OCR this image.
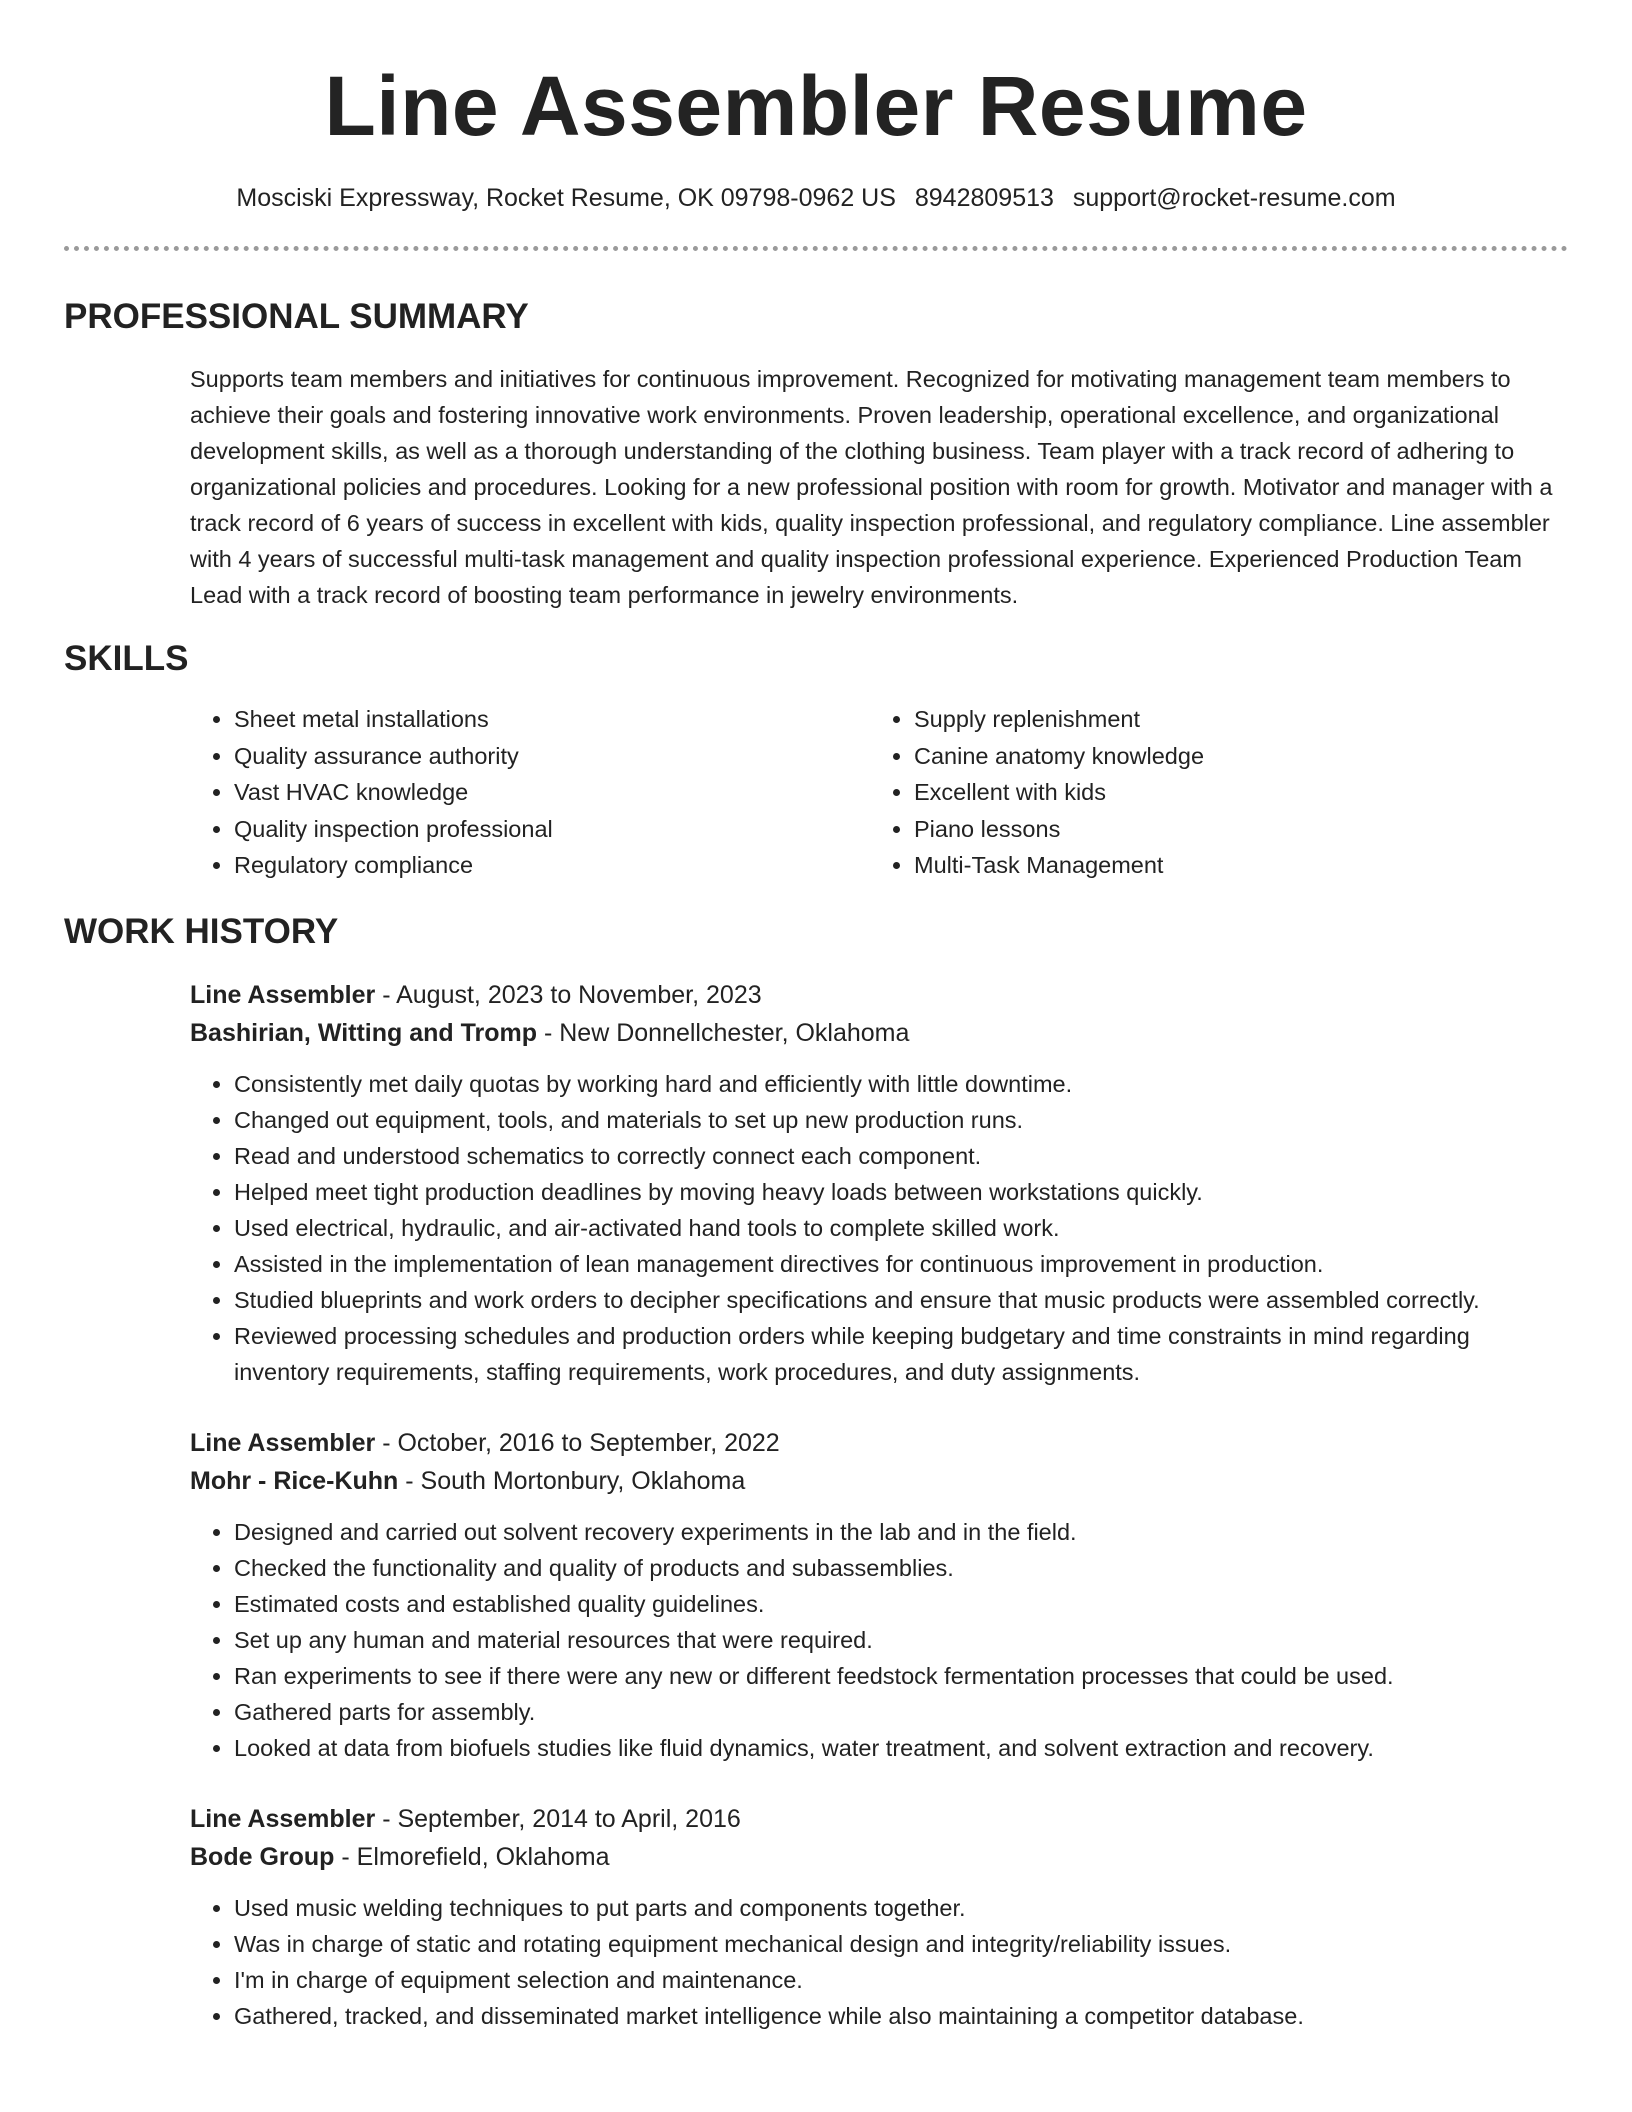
Line Assembler Resume
Mosciski Expressway, Rocket Resume, OK 09798-0962 US 8942809513 support@rocket-resume.com
PROFESSIONAL SUMMARY

Supports team members and initiatives for continuous improvement. Recognized for motivating management team members to achieve their goals and fostering innovative work environments. Proven leadership, operational excellence, and organizational development skills, as well as a thorough understanding of the clothing business. Team player with a track record of adhering to organizational policies and procedures. Looking for a new professional position with room for growth. Motivator and manager with a track record of 6 years of success in excellent with kids, quality inspection professional, and regulatory compliance. Line assembler with 4 years of successful multi-task management and quality inspection professional experience. Experienced Production Team Lead with a track record of boosting team performance in jewelry environments.

SKILLS
• Sheet metal installations
• Quality assurance authority
• Vast HVAC knowledge
• Quality inspection professional
• Regulatory compliance
• Supply replenishment
• Canine anatomy knowledge
• Excellent with kids
• Piano lessons
• Multi-Task Management
WORK HISTORY
Line Assembler - August, 2023 to November, 2023
Bashirian, Witting and Tromp - New Donnellchester, Oklahoma
• Consistently met daily quotas by working hard and efficiently with little downtime.
• Changed out equipment, tools, and materials to set up new production runs.
• Read and understood schematics to correctly connect each component.
• Helped meet tight production deadlines by moving heavy loads between workstations quickly.
• Used electrical, hydraulic, and air-activated hand tools to complete skilled work.
• Assisted in the implementation of lean management directives for continuous improvement in production.
• Studied blueprints and work orders to decipher specifications and ensure that music products were assembled correctly.
• Reviewed processing schedules and production orders while keeping budgetary and time constraints in mind regarding inventory requirements, staffing requirements, work procedures, and duty assignments.
Line Assembler - October, 2016 to September, 2022
Mohr - Rice-Kuhn - South Mortonbury, Oklahoma
• Designed and carried out solvent recovery experiments in the lab and in the field.
• Checked the functionality and quality of products and subassemblies.
• Estimated costs and established quality guidelines.
• Set up any human and material resources that were required.
• Ran experiments to see if there were any new or different feedstock fermentation processes that could be used.
• Gathered parts for assembly.
• Looked at data from biofuels studies like fluid dynamics, water treatment, and solvent extraction and recovery.
Line Assembler - September, 2014 to April, 2016
Bode Group - Elmorefield, Oklahoma
• Used music welding techniques to put parts and components together.
• Was in charge of static and rotating equipment mechanical design and integrity/reliability issues.
• I'm in charge of equipment selection and maintenance.
• Gathered, tracked, and disseminated market intelligence while also maintaining a competitor database.
